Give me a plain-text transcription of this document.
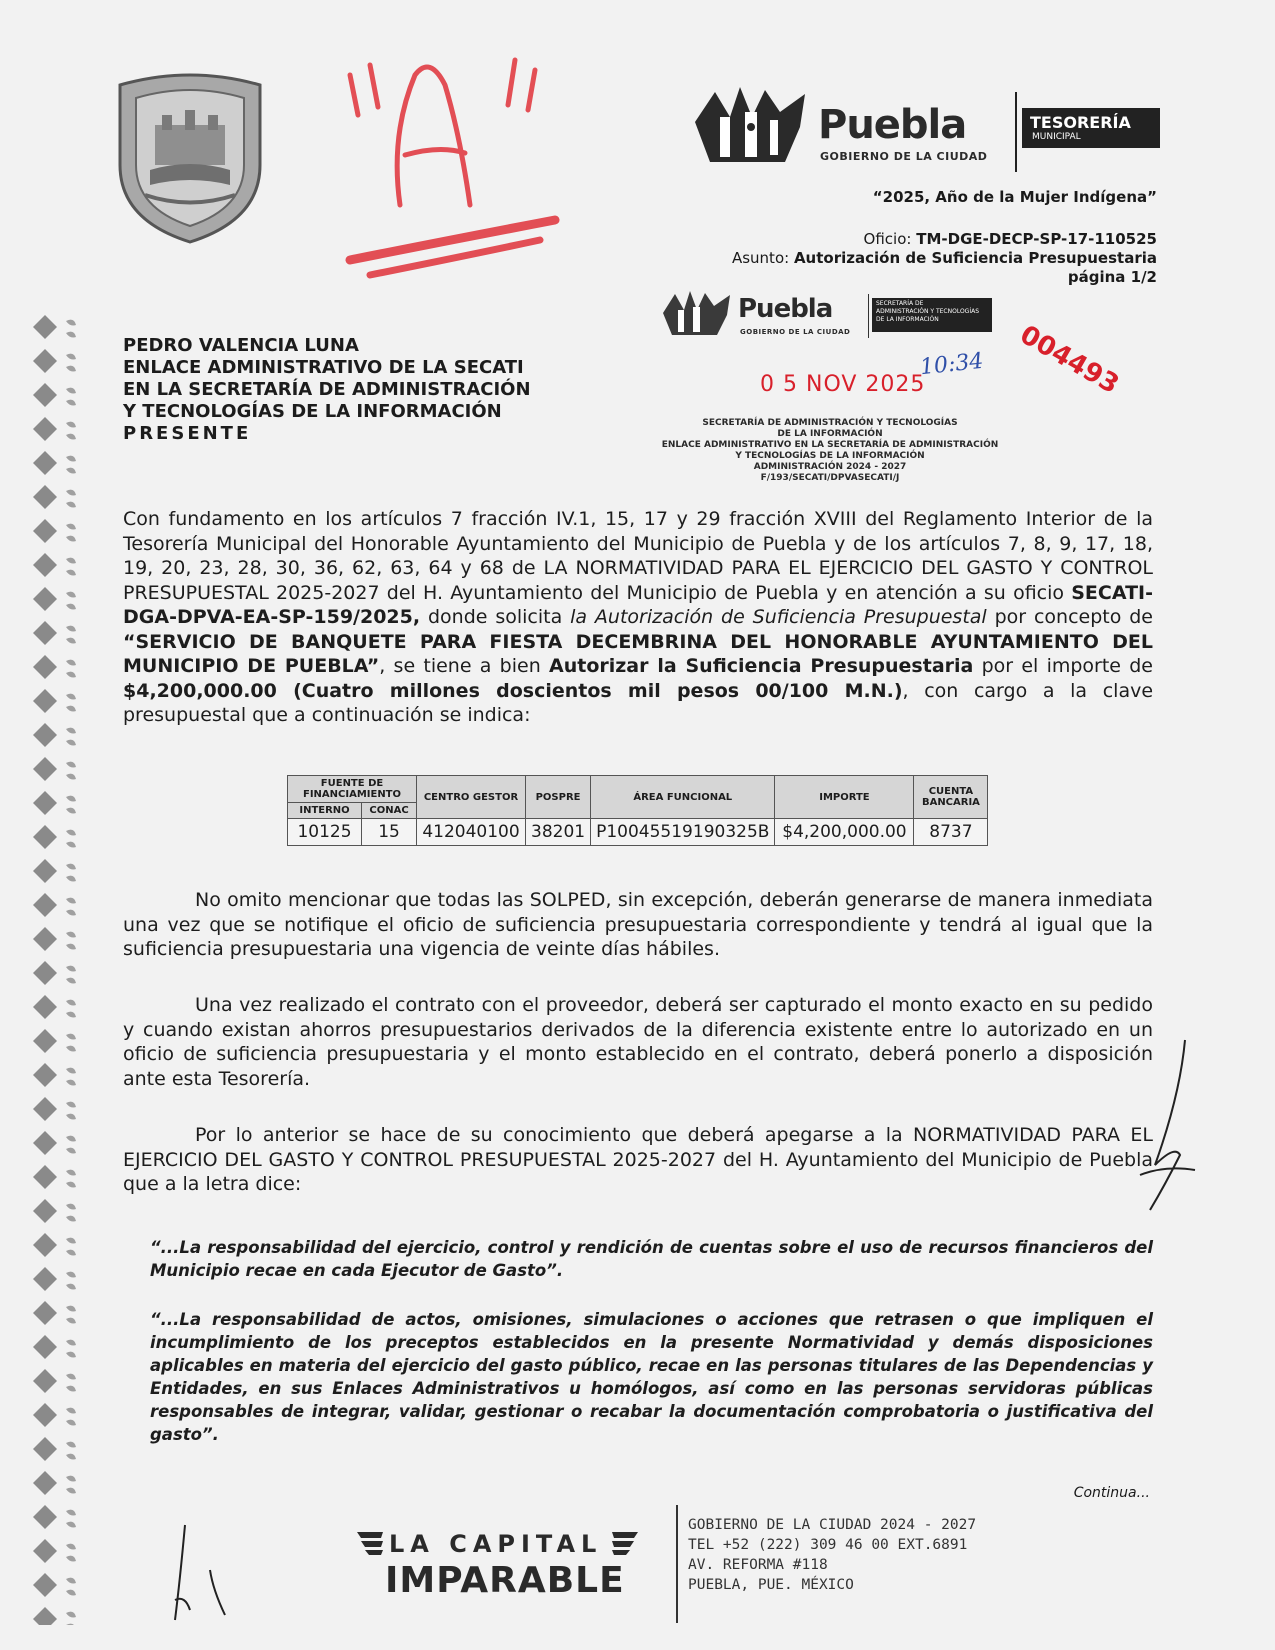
Puebla
GOBIERNO DE LA CIUDAD
TESORERÍA
MUNICIPAL
“2025, Año de la Mujer Indígena”
Oficio: TM-DGE-DECP-SP-17-110525
Asunto: Autorización de Suficiencia Presupuestaria
página 1/2
Puebla
GOBIERNO DE LA CIUDAD
SECRETARÍA DE
ADMINISTRACIÓN Y TECNOLOGÍAS
DE LA INFORMACIÓN
0 5 NOV 2025
SECRETARÍA DE ADMINISTRACIÓN Y TECNOLOGÍAS
DE LA INFORMACIÓN
ENLACE ADMINISTRATIVO EN LA SECRETARÍA DE ADMINISTRACIÓN
Y TECNOLOGÍAS DE LA INFORMACIÓN
ADMINISTRACIÓN 2024 - 2027
F/193/SECATI/DPVASECATI/J
10:34 004493
PEDRO VALENCIA LUNA
ENLACE ADMINISTRATIVO DE LA SECATI
EN LA SECRETARÍA DE ADMINISTRACIÓN
Y TECNOLOGÍAS DE LA INFORMACIÓN
PRESENTE
Con fundamento en los artículos 7 fracción IV.1, 15, 17 y 29 fracción XVIII del Reglamento Interior de la Tesorería Municipal del Honorable Ayuntamiento del Municipio de Puebla y de los artículos 7, 8, 9, 17, 18, 19, 20, 23, 28, 30, 36, 62, 63, 64 y 68 de LA NORMATIVIDAD PARA EL EJERCICIO DEL GASTO Y CONTROL PRESUPUESTAL 2025-2027 del H. Ayuntamiento del Municipio de Puebla y en atención a su oficio SECATI-DGA-DPVA-EA-SP-159/2025, donde solicita la Autorización de Suficiencia Presupuestal por concepto de “SERVICIO DE BANQUETE PARA FIESTA DECEMBRINA DEL HONORABLE AYUNTAMIENTO DEL MUNICIPIO DE PUEBLA”, se tiene a bien Autorizar la Suficiencia Presupuestaria por el importe de $4,200,000.00 (Cuatro millones doscientos mil pesos 00/100 M.N.), con cargo a la clave presupuestal que a continuación se indica:
FUENTE DE FINANCIAMIENTO		CENTRO GESTOR	POSPRE	ÁREA FUNCIONAL	IMPORTE	CUENTA BANCARIA
INTERNO	CONAC					
10125	15	412040100	38201	P10045519190325B	$4,200,000.00	8737
No omito mencionar que todas las SOLPED, sin excepción, deberán generarse de manera inmediata una vez que se notifique el oficio de suficiencia presupuestaria correspondiente y tendrá al igual que la suficiencia presupuestaria una vigencia de veinte días hábiles.
Una vez realizado el contrato con el proveedor, deberá ser capturado el monto exacto en su pedido y cuando existan ahorros presupuestarios derivados de la diferencia existente entre lo autorizado en un oficio de suficiencia presupuestaria y el monto establecido en el contrato, deberá ponerlo a disposición ante esta Tesorería.
Por lo anterior se hace de su conocimiento que deberá apegarse a la NORMATIVIDAD PARA EL EJERCICIO DEL GASTO Y CONTROL PRESUPUESTAL 2025-2027 del H. Ayuntamiento del Municipio de Puebla que a la letra dice:
“...La responsabilidad del ejercicio, control y rendición de cuentas sobre el uso de recursos financieros del Municipio recae en cada Ejecutor de Gasto”.
“...La responsabilidad de actos, omisiones, simulaciones o acciones que retrasen o que impliquen el incumplimiento de los preceptos establecidos en la presente Normatividad y demás disposiciones aplicables en materia del ejercicio del gasto público, recae en las personas titulares de las Dependencias y Entidades, en sus Enlaces Administrativos u homólogos, así como en las personas servidoras públicas responsables de integrar, validar, gestionar o recabar la documentación comprobatoria o justificativa del gasto”.
Continua...
LA CAPITAL
IMPARABLE
GOBIERNO DE LA CIUDAD 2024 - 2027
TEL +52 (222) 309 46 00 EXT.6891
AV. REFORMA #118
PUEBLA, PUE. MÉXICO
